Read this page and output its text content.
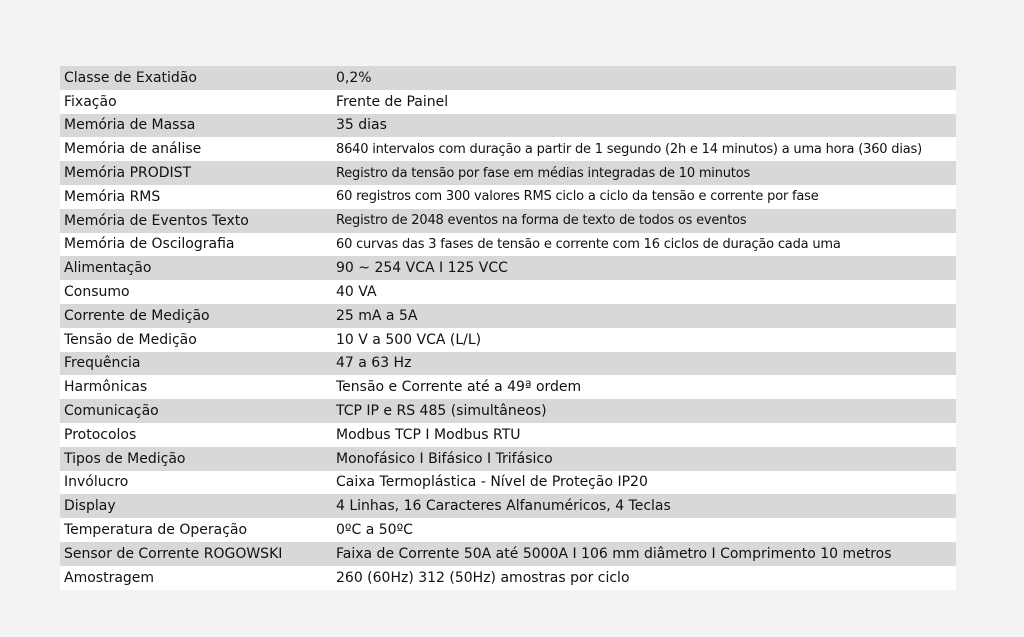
Classe de Exatidão	0,2%
Fixação	Frente de Painel
Memória de Massa	35 dias
Memória de análise	8640 intervalos com duração a partir de 1 segundo (2h e 14 minutos) a uma hora (360 dias)
Memória PRODIST	Registro da tensão por fase em médias integradas de 10 minutos
Memória RMS	60 registros com 300 valores RMS ciclo a ciclo da tensão e corrente por fase
Memória de Eventos Texto	Registro de 2048 eventos na forma de texto de todos os eventos
Memória de Oscilografia	60 curvas das 3 fases de tensão e corrente com 16 ciclos de duração cada uma
Alimentação	90 ~ 254 VCA I 125 VCC
Consumo	40 VA
Corrente de Medição	25 mA a 5A
Tensão de Medição	10 V a 500 VCA (L/L)
Frequência	47 a 63 Hz
Harmônicas	Tensão e Corrente até a 49ª ordem
Comunicação	TCP IP e RS 485 (simultâneos)
Protocolos	Modbus TCP I Modbus RTU
Tipos de Medição	Monofásico I Bifásico I Trifásico
Invólucro	Caixa Termoplástica - Nível de Proteção IP20
Display	4 Linhas, 16 Caracteres Alfanuméricos, 4 Teclas
Temperatura de Operação	0ºC a 50ºC
Sensor de Corrente ROGOWSKI	Faixa de Corrente 50A até 5000A I 106 mm diâmetro I Comprimento 10 metros
Amostragem	260 (60Hz) 312 (50Hz) amostras por ciclo
